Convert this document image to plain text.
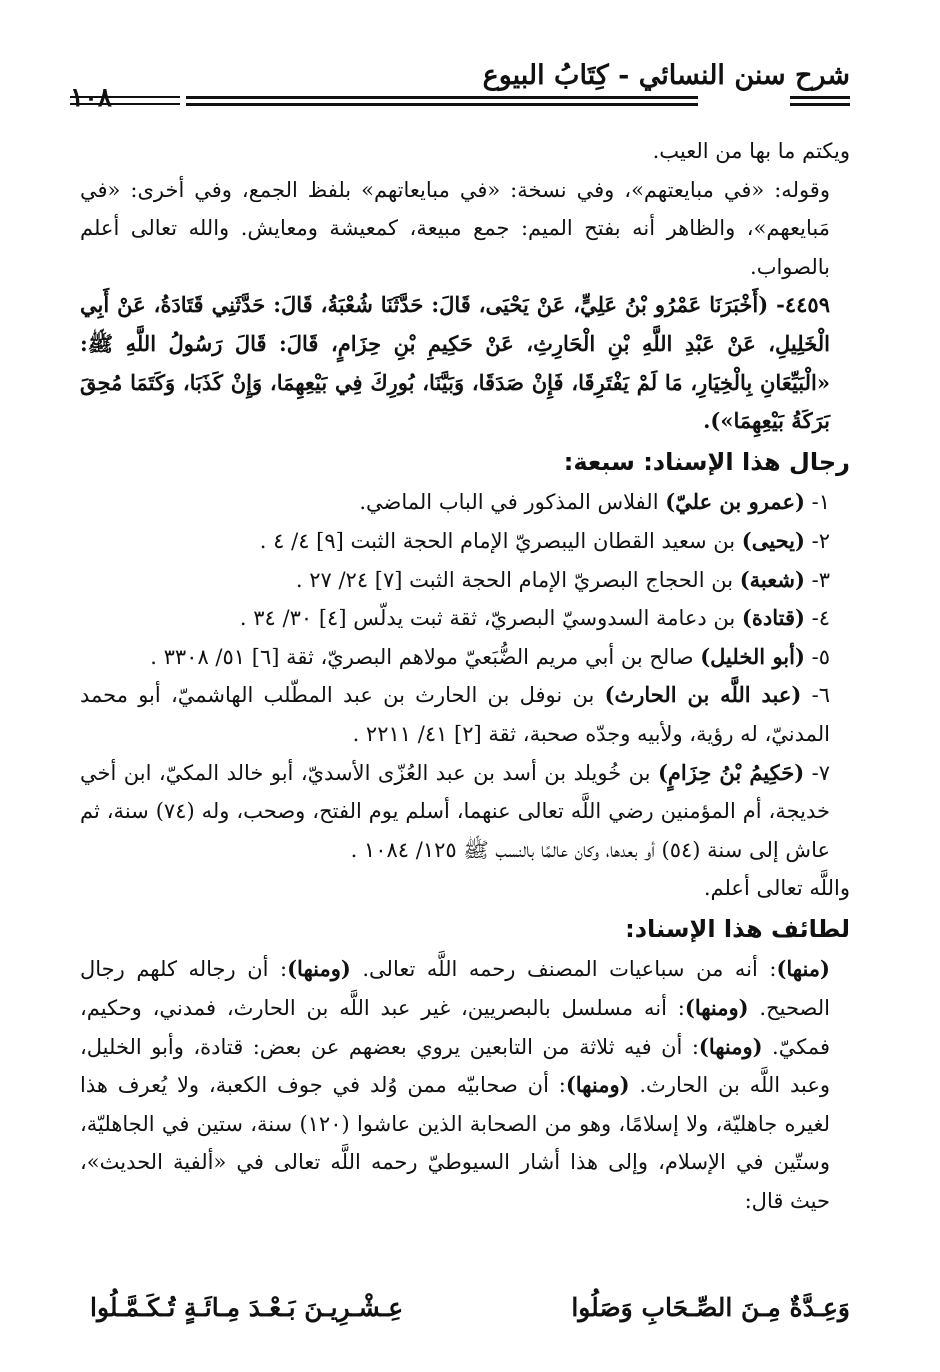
شرح سنن النسائي - كِتَابُ البيوع
١٠٨

ويكتم ما بها من العيب.

وقوله: «في مبايعتهم»، وفي نسخة: «في مبايعاتهم» بلفظ الجمع، وفي أخرى: «في مَبايعهم»، والظاهر أنه بفتح الميم: جمع مبيعة، كمعيشة ومعايش. والله تعالى أعلم بالصواب.

٤٤٥٩- (أَخْبَرَنَا عَمْرُو بْنُ عَلِيٍّ، عَنْ يَحْيَى، قَالَ: حَدَّثَنَا شُعْبَةُ، قَالَ: حَدَّثَنِي قَتَادَةُ، عَنْ أَبِي الْخَلِيلِ، عَنْ عَبْدِ اللَّهِ بْنِ الْحَارِثِ، عَنْ حَكِيمِ بْنِ حِزَامٍ، قَالَ: قَالَ رَسُولُ اللَّهِ ﷺ: «الْبَيِّعَانِ بِالْخِيَارِ، مَا لَمْ يَفْتَرِقَا، فَإِنْ صَدَقَا، وَبَيَّنَا، بُورِكَ فِي بَيْعِهِمَا، وَإِنْ كَذَبَا، وَكَتَمَا مُحِقَ بَرَكَةُ بَيْعِهِمَا»).

رجال هذا الإسناد: سبعة:

١- (عمرو بن عليّ) الفلاس المذكور في الباب الماضي.

٢- (يحيى) بن سعيد القطان اليبصريّ الإمام الحجة الثبت [٩] ٤/ ٤ .

٣- (شعبة) بن الحجاج البصريّ الإمام الحجة الثبت [٧] ٢٤/ ٢٧ .

٤- (قتادة) بن دعامة السدوسيّ البصريّ، ثقة ثبت يدلّس [٤] ٣٠/ ٣٤ .

٥- (أبو الخليل) صالح بن أبي مريم الضُّبَعيّ مولاهم البصريّ، ثقة [٦] ٥١/ ٣٣٠٨ .

٦- (عبد اللَّه بن الحارث) بن نوفل بن الحارث بن عبد المطّلب الهاشميّ، أبو محمد المدنيّ، له رؤية، ولأبيه وجدّه صحبة، ثقة [٢] ٤١/ ٢٢١١ .

٧- (حَكِيمُ بْنُ حِزَامٍ) بن خُويلد بن أسد بن عبد العُزّى الأسديّ، أبو خالد المكيّ، ابن أخي خديجة، أم المؤمنين رضي اللَّه تعالى عنهما، أسلم يوم الفتح، وصحب، وله (٧٤) سنة، ثم عاش إلى سنة (٥٤) أو بعدها، وكان عالمًا بالنسب ﷺ ١٢٥/ ١٠٨٤ .

واللَّه تعالى أعلم.

لطائف هذا الإسناد:

(منها): أنه من سباعيات المصنف رحمه اللَّه تعالى. (ومنها): أن رجاله كلهم رجال الصحيح. (ومنها): أنه مسلسل بالبصريين، غير عبد اللَّه بن الحارث، فمدني، وحكيم، فمكيّ. (ومنها): أن فيه ثلاثة من التابعين يروي بعضهم عن بعض: قتادة، وأبو الخليل، وعبد اللَّه بن الحارث. (ومنها): أن صحابيّه ممن وُلد في جوف الكعبة، ولا يُعرف هذا لغيره جاهليّة، ولا إسلامًا، وهو من الصحابة الذين عاشوا (١٢٠) سنة، ستين في الجاهليّة، وستّين في الإسلام، وإلى هذا أشار السيوطيّ رحمه اللَّه تعالى في «ألفية الحديث»، حيث قال:

وَعِـدَّةٌ مِـنَ الصِّـحَابِ وَصَلُوا
عِـشْـرِيـنَ بَـعْـدَ مِـائَـةٍ تُـكَـمَّـلُوا
